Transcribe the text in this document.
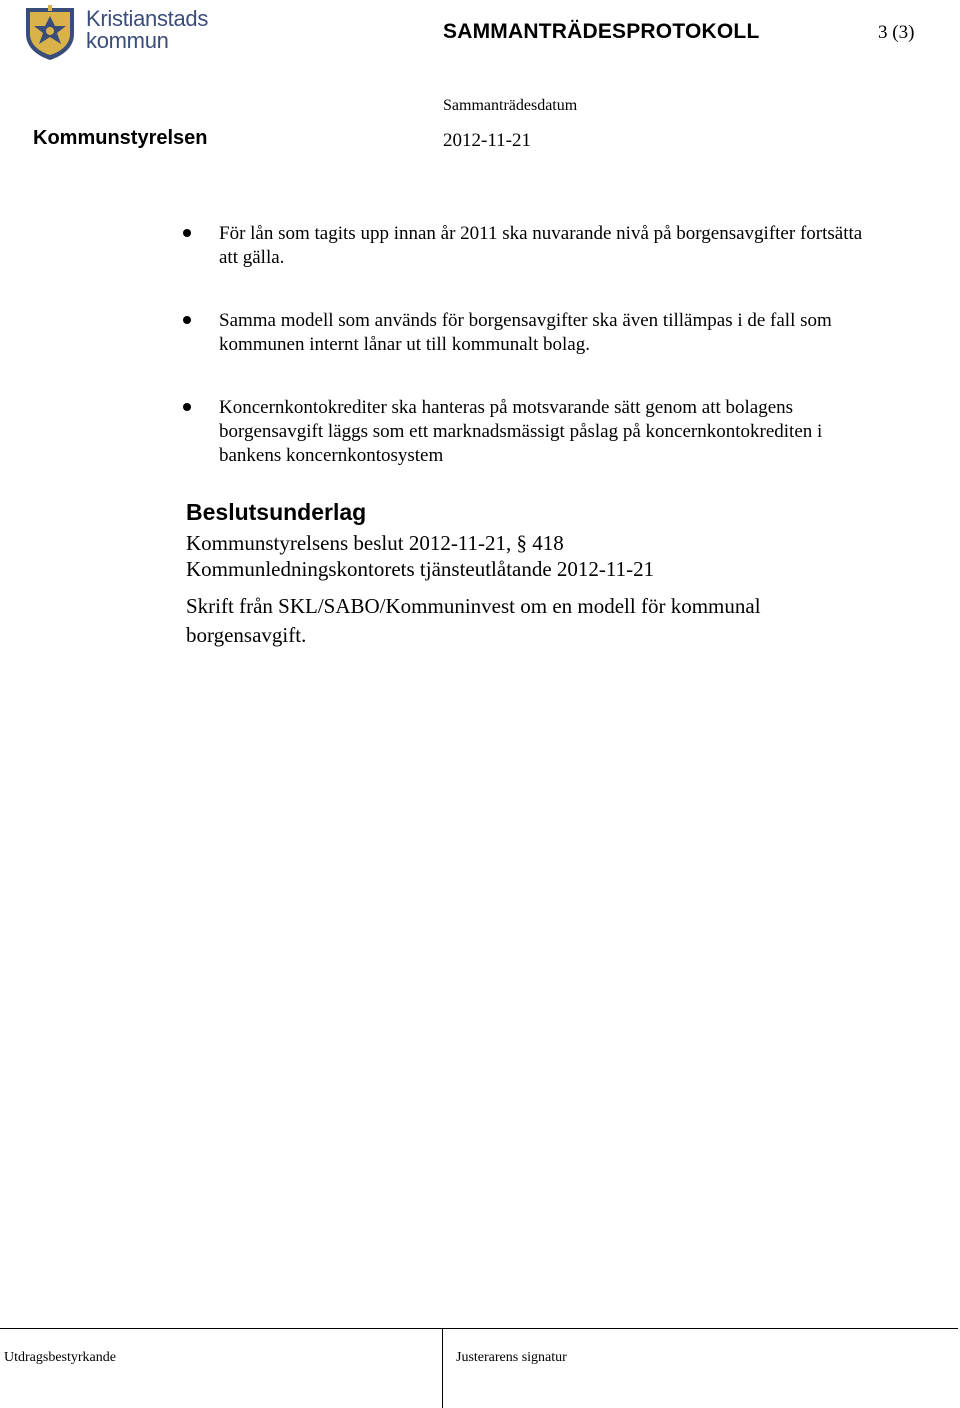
Kristianstads
kommun	SAMMANTRÄDESPROTOKOLL	3 (3)
Sammanträdesdatum
Kommunstyrelsen	2012-11-21
För lån som tagits upp innan år 2011 ska nuvarande nivå på borgensavgifter fortsätta att gälla.
Samma modell som används för borgensavgifter ska även tillämpas i de fall som kommunen internt lånar ut till kommunalt bolag.
Koncernkontokrediter ska hanteras på motsvarande sätt genom att bolagens borgensavgift läggs som ett marknadsmässigt påslag på koncernkontokrediten i bankens koncernkontosystem
Beslutsunderlag
Kommunstyrelsens beslut 2012-11-21, § 418
Kommunledningskontorets tjänsteutlåtande 2012-11-21
Skrift från SKL/SABO/Kommuninvest om en modell för kommunal borgensavgift.
Utdragsbestyrkande	Justerarens signatur
